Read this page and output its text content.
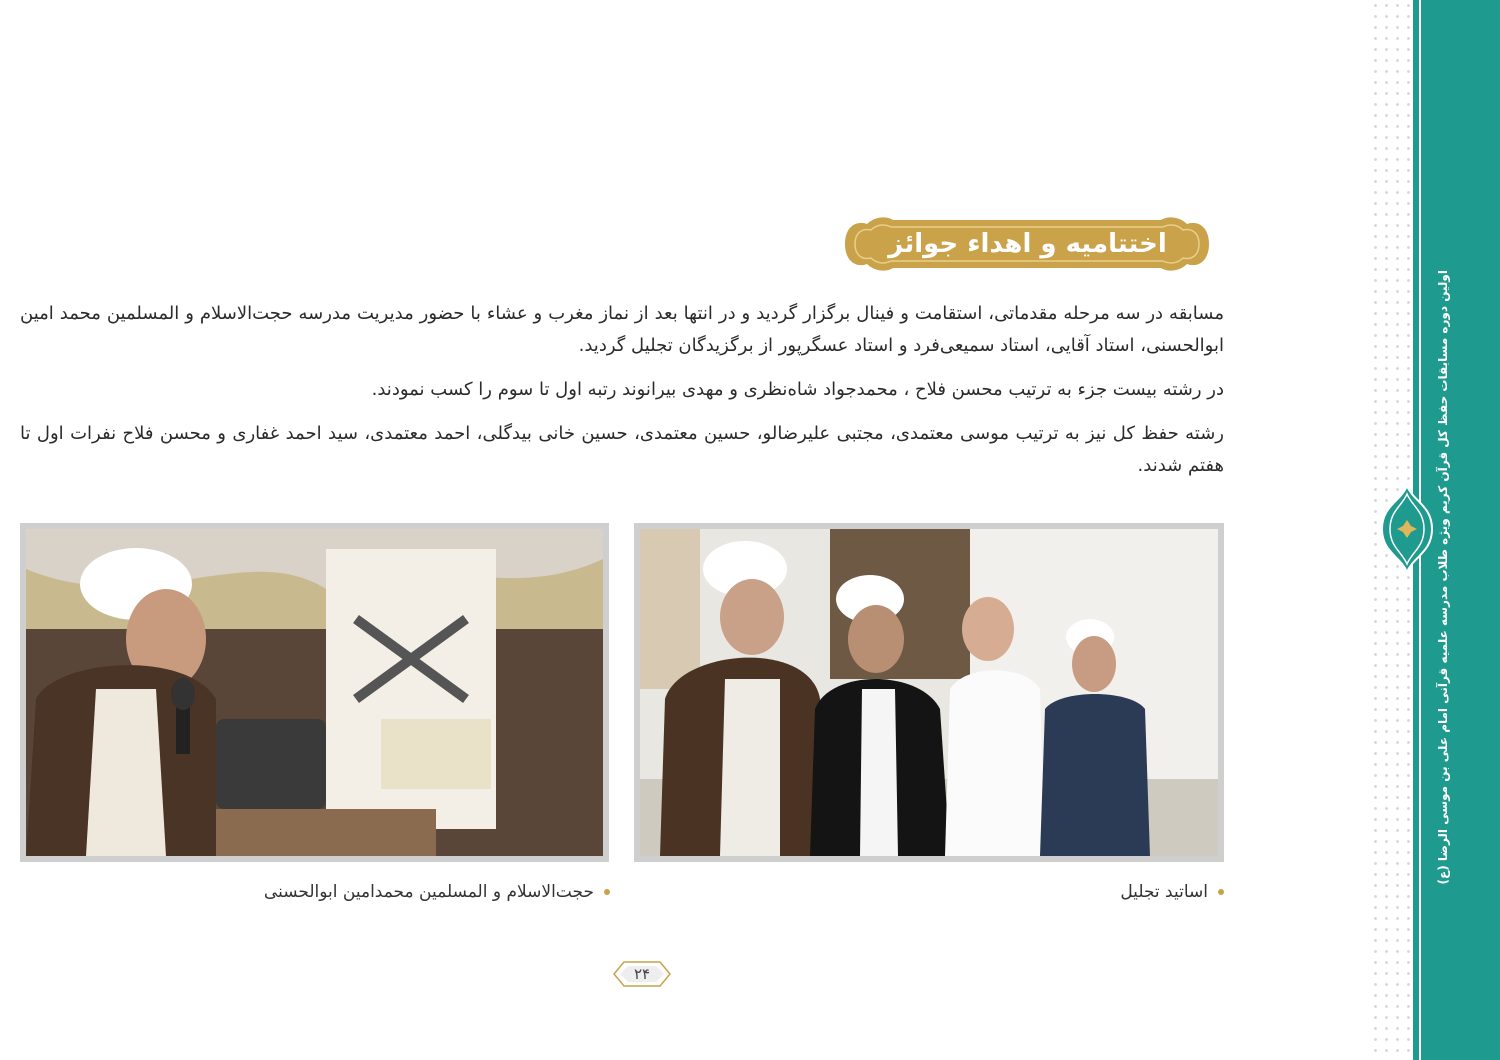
اولین دوره مسابقات حفظ کل قرآن کریم ویژه طلاب مدرسه علمیه قرآنی امام علی بن موسی الرضا (ع)
اختتامیه و اهداء جوائز

مسابقه در سه مرحله مقدماتی، استقامت و فینال برگزار گردید و در انتها بعد از نماز مغرب و عشاء با حضور مدیریت مدرسه حجت‌الاسلام و المسلمین محمد امین ابوالحسنی، استاد آقایی، استاد سمیعی‌فرد و استاد عسگرپور از برگزیدگان تجلیل گردید.

در رشته بیست جزء به ترتیب محسن فلاح ، محمدجواد شاه‌نظری و مهدی بیرانوند رتبه اول تا سوم را کسب نمودند.

رشته حفظ کل نیز به ترتیب موسی معتمدی، مجتبی علیرضالو، حسین معتمدی، حسین خانی بیدگلی، احمد معتمدی، سید احمد غفاری و محسن فلاح نفرات اول تا هفتم شدند.

اساتید تجلیل
حجت‌الاسلام و المسلمین محمدامین ابوالحسنی
۲۴
